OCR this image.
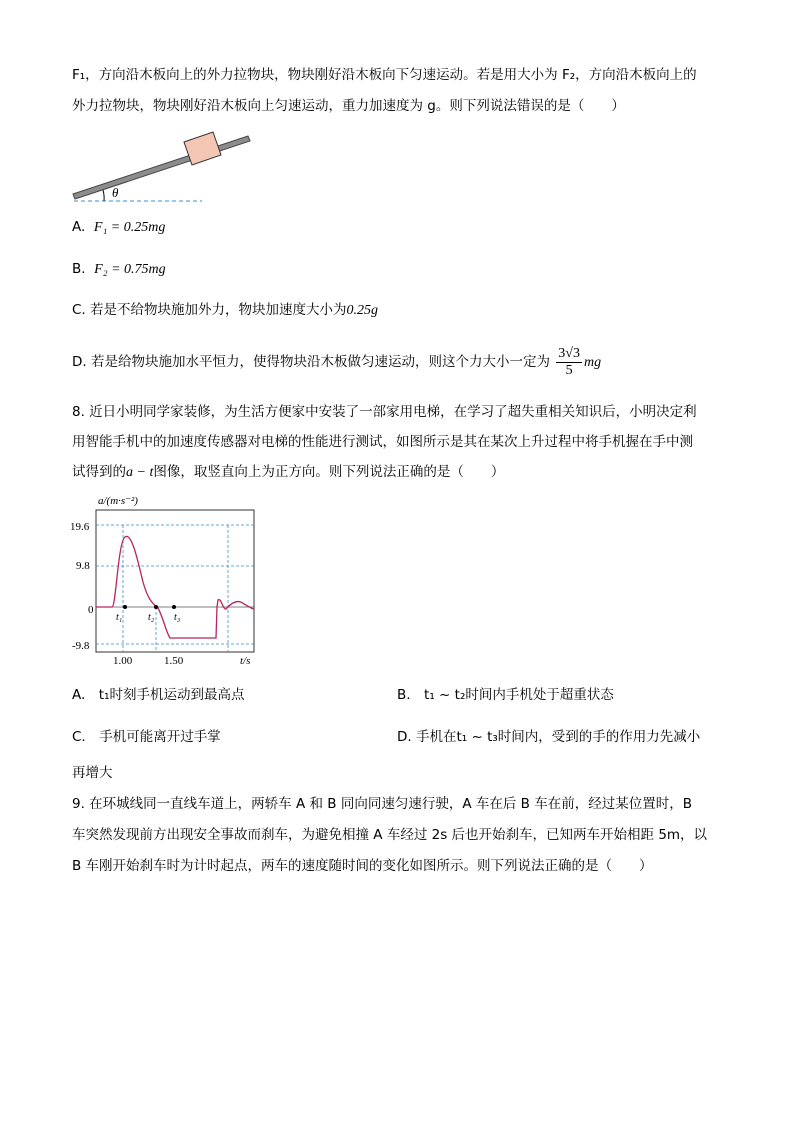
F₁，方向沿木板向上的外力拉物块，物块刚好沿木板向下匀速运动。若是用大小为 F₂，方向沿木板向上的
外力拉物块，物块刚好沿木板向上匀速运动，重力加速度为 g。则下列说法错误的是（　　）
θ
A. F₁ = 0.25mg
B. F₂ = 0.75mg
C. 若是不给物块施加外力，物块加速度大小为0.25g
D. 若是给物块施加水平恒力，使得物块沿木板做匀速运动，则这个力大小一定为 $\frac{3√3}{5}$ mg
8. 近日小明同学家装修，为生活方便家中安装了一部家用电梯，在学习了超失重相关知识后，小明决定利
用智能手机中的加速度传感器对电梯的性能进行测试，如图所示是其在某次上升过程中将手机握在手中测
试得到的a − t图像，取竖直向上为正方向。则下列说法正确的是（　　）
a/(m·s⁻²)
19.6
9.8
0
-9.8
t₁	t₂ t₃
1.00	1.50	t/s
A.　t₁时刻手机运动到最高点	B.　t₁ ~ t₂时间内手机处于超重状态
C.　手机可能离开过手掌	D. 手机在t₁ ~ t₃时间内，受到的手的作用力先减小
再增大
9. 在环城线同一直线车道上，两轿车 A 和 B 同向同速匀速行驶，A 车在后 B 车在前，经过某位置时，B
车突然发现前方出现安全事故而刹车，为避免相撞 A 车经过 2s 后也开始刹车，已知两车开始相距 5m，以
B 车刚开始刹车时为计时起点，两车的速度随时间的变化如图所示。则下列说法正确的是（　　）
